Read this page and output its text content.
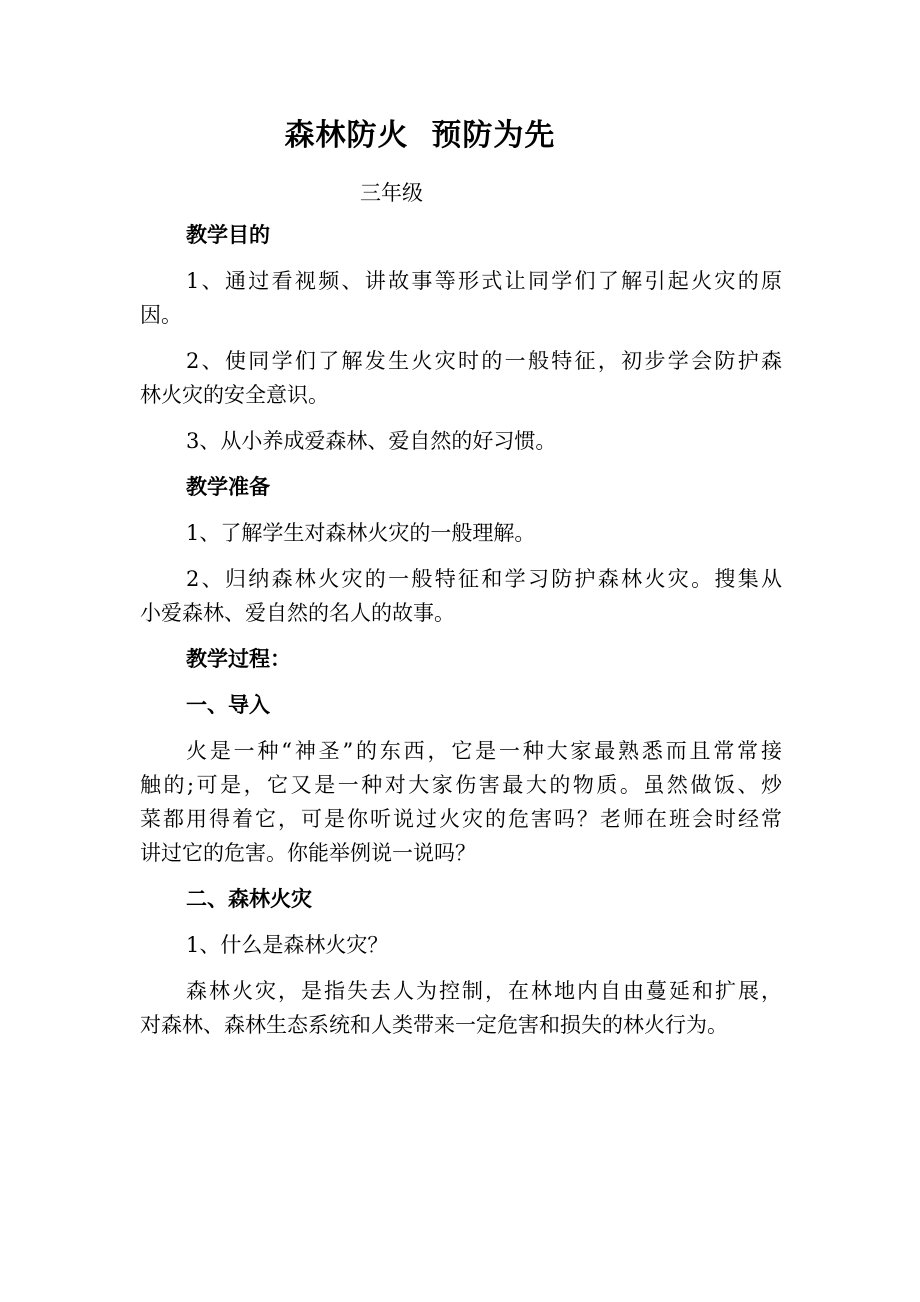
森林防火  预防为先
三年级
教学目的
1、通过看视频、讲故事等形式让同学们了解引起火灾的原
因。
2、使同学们了解发生火灾时的一般特征，初步学会防护森
林火灾的安全意识。
3、从小养成爱森林、爱自然的好习惯。
教学准备
1、了解学生对森林火灾的一般理解。
2、归纳森林火灾的一般特征和学习防护森林火灾。搜集从
小爱森林、爱自然的名人的故事。
教学过程：
一、导入
火是一种“神圣”的东西，它是一种大家最熟悉而且常常接
触的;可是，它又是一种对大家伤害最大的物质。虽然做饭、炒
菜都用得着它，可是你听说过火灾的危害吗？老师在班会时经常
讲过它的危害。你能举例说一说吗？
二、森林火灾
1、什么是森林火灾？
森林火灾，是指失去人为控制，在林地内自由蔓延和扩展，
对森林、森林生态系统和人类带来一定危害和损失的林火行为。
